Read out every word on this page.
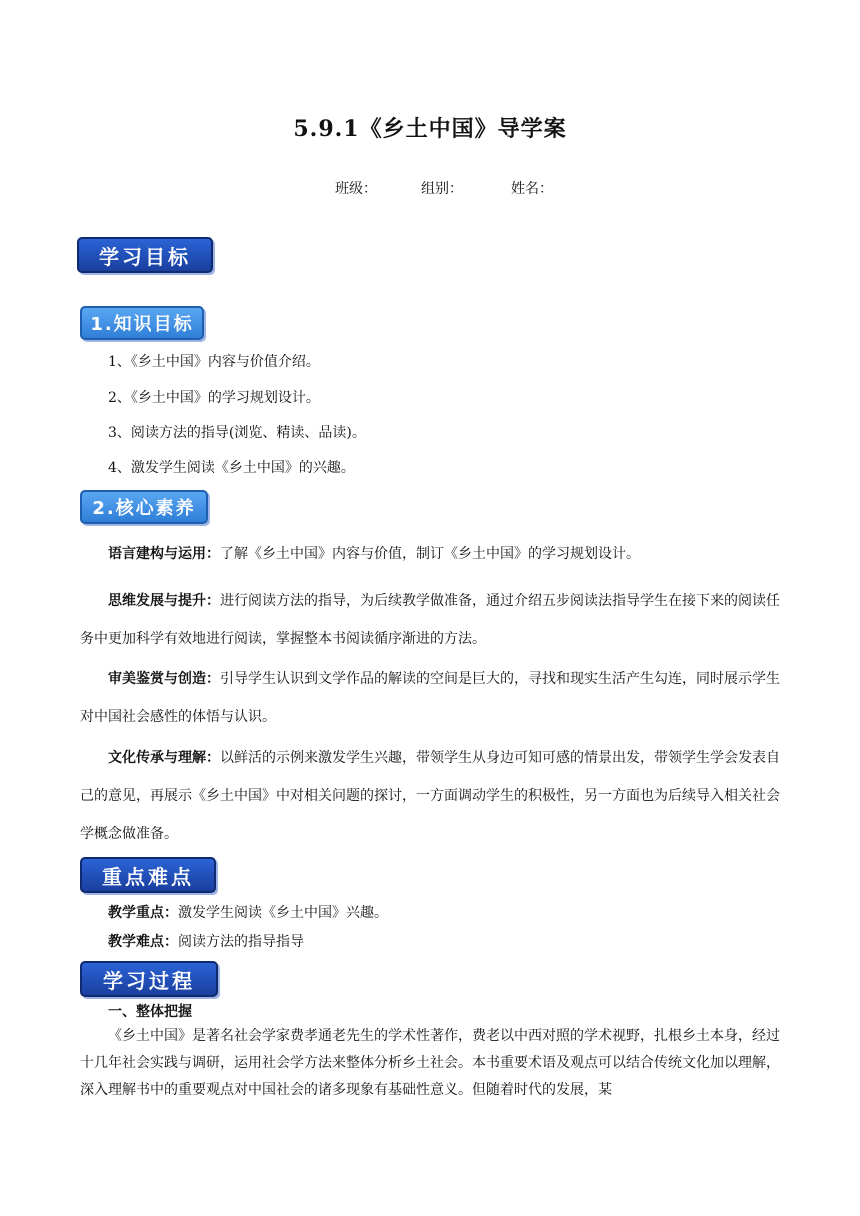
5.9.1《乡土中国》导学案
班级：	组别：	姓名：
学习目标
1.知识目标
1、《乡土中国》内容与价值介绍。
2、《乡土中国》的学习规划设计。
3、阅读方法的指导(浏览、精读、品读)。
4、激发学生阅读《乡土中国》的兴趣。
2.核心素养
语言建构与运用：了解《乡土中国》内容与价值，制订《乡土中国》的学习规划设计。
思维发展与提升：进行阅读方法的指导，为后续教学做准备，通过介绍五步阅读法指导学生在接下来的阅读任务中更加科学有效地进行阅读，掌握整本书阅读循序渐进的方法。
审美鉴赏与创造：引导学生认识到文学作品的解读的空间是巨大的，寻找和现实生活产生勾连，同时展示学生对中国社会感性的体悟与认识。
文化传承与理解：以鲜活的示例来激发学生兴趣，带领学生从身边可知可感的情景出发，带领学生学会发表自己的意见，再展示《乡土中国》中对相关问题的探讨，一方面调动学生的积极性，另一方面也为后续导入相关社会学概念做准备。
重点难点
教学重点：激发学生阅读《乡土中国》兴趣。
教学难点：阅读方法的指导指导
学习过程
一、整体把握
《乡土中国》是著名社会学家费孝通老先生的学术性著作，费老以中西对照的学术视野，扎根乡土本身，经过十几年社会实践与调研，运用社会学方法来整体分析乡土社会。本书重要术语及观点可以结合传统文化加以理解，深入理解书中的重要观点对中国社会的诸多现象有基础性意义。但随着时代的发展，某
